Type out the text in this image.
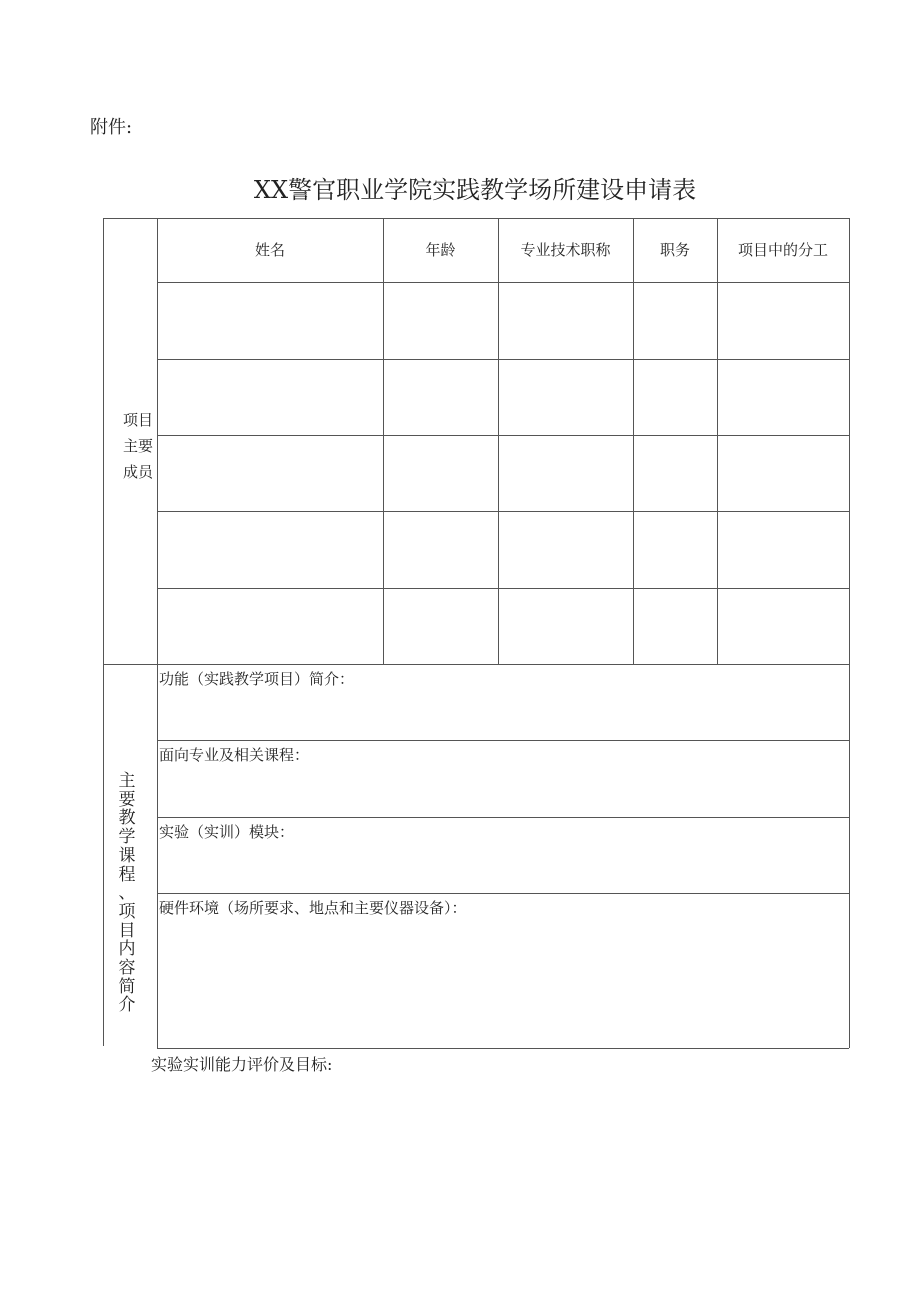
附件:
XX警官职业学院实践教学场所建设申请表
姓名	年龄	专业技术职称	职务	项目中的分工
项目
主要
成员
功能（实践教学项目）简介：
面向专业及相关课程：
实验（实训）模块：
硬件环境（场所要求、地点和主要仪器设备）：
主
要
教
学
课
程
、
项
目
内
容
简
介
实验实训能力评价及目标:
